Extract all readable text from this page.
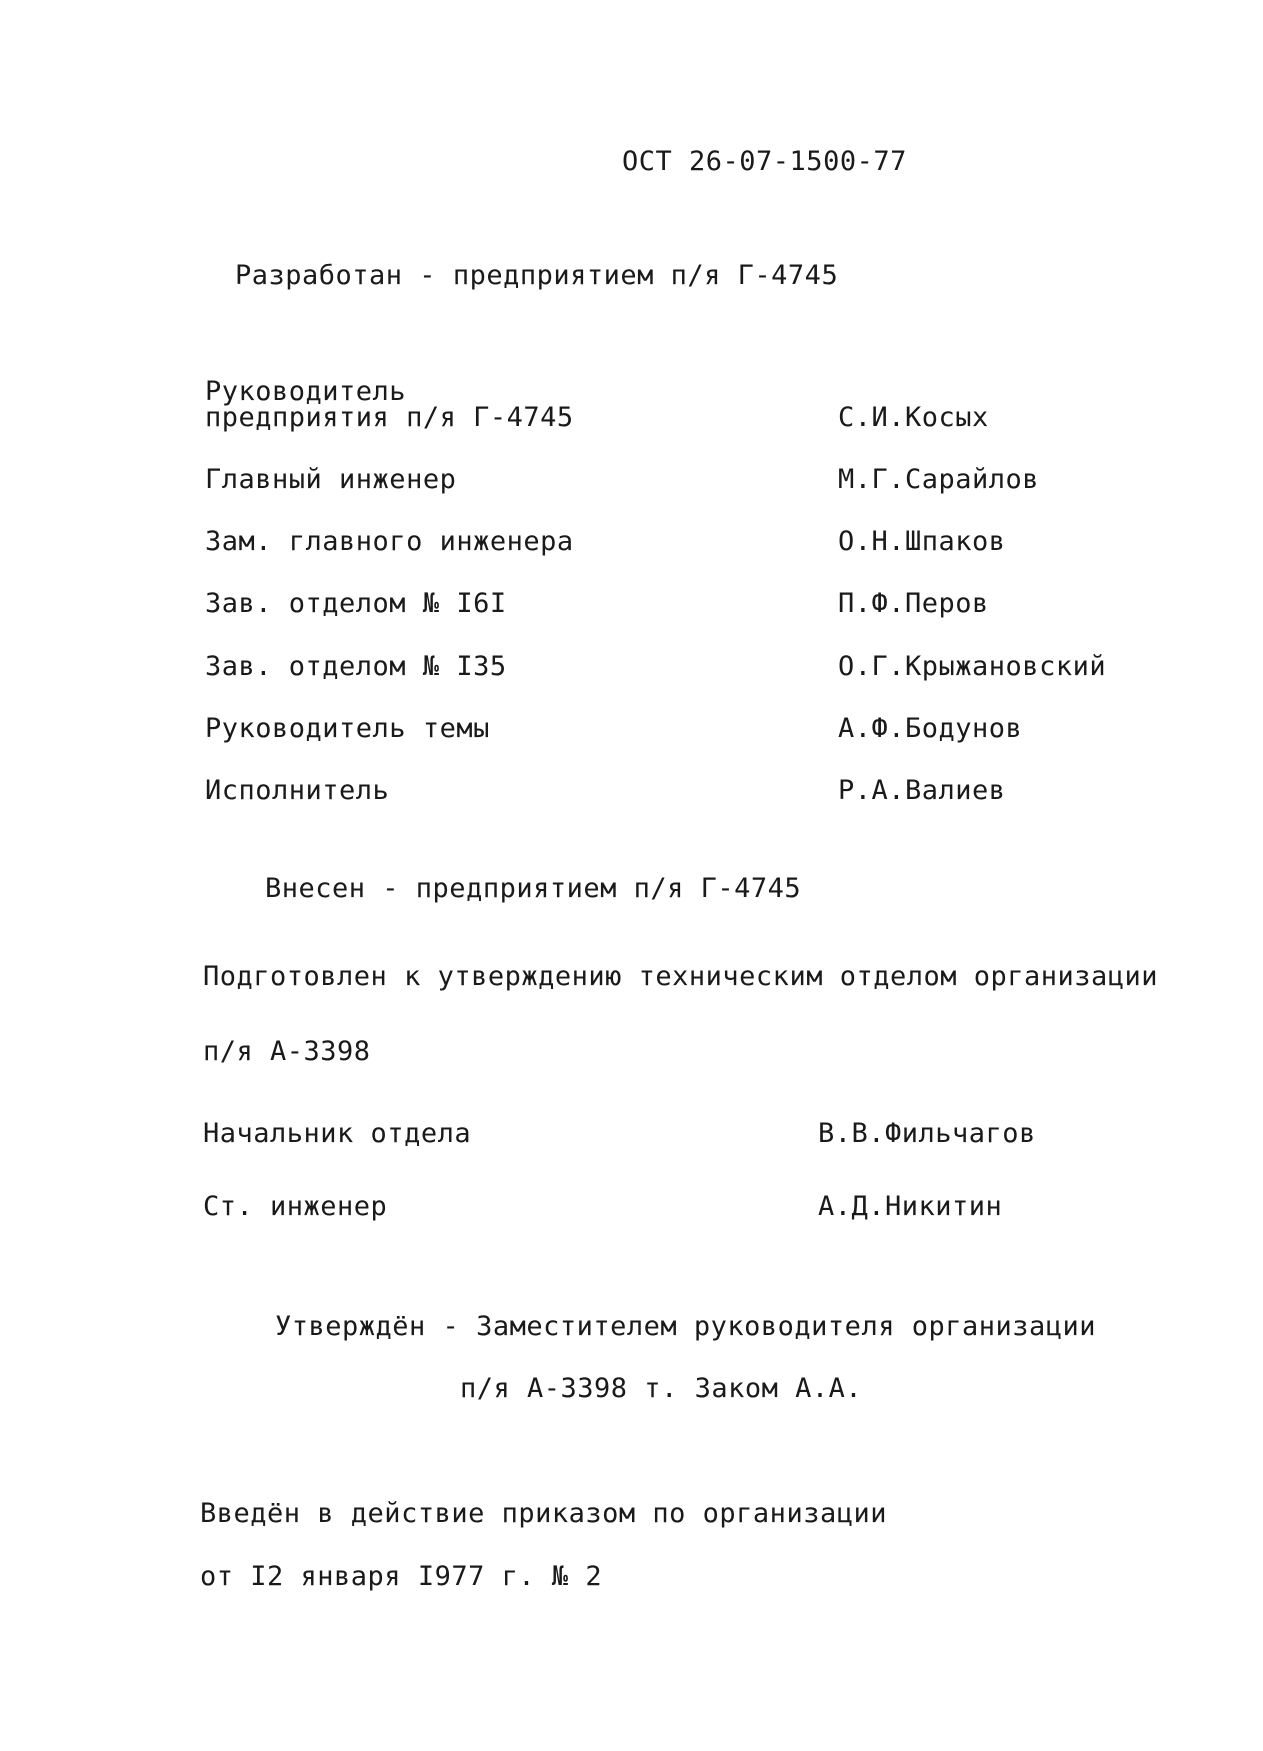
ОСТ 26-07-1500-77
Разработан - предприятием п/я Г-4745
Руководитель
предприятия п/я Г-4745	С.И.Косых
Главный инженер	М.Г.Сарайлов
Зам. главного инженера	О.Н.Шпаков
Зав. отделом № I6I	П.Ф.Перов
Зав. отделом № I35	О.Г.Крыжановский
Руководитель темы	А.Ф.Бодунов
Исполнитель	Р.А.Валиев
Внесен - предприятием п/я Г-4745
Подготовлен к утверждению техническим отделом организации
п/я А-3398
Начальник отдела	В.В.Фильчагов
Ст. инженер	А.Д.Никитин
Утверждён - Заместителем руководителя организации
п/я А-3398 т. Заком А.А.
Введён в действие приказом по организации
от I2 января I977 г. № 2
